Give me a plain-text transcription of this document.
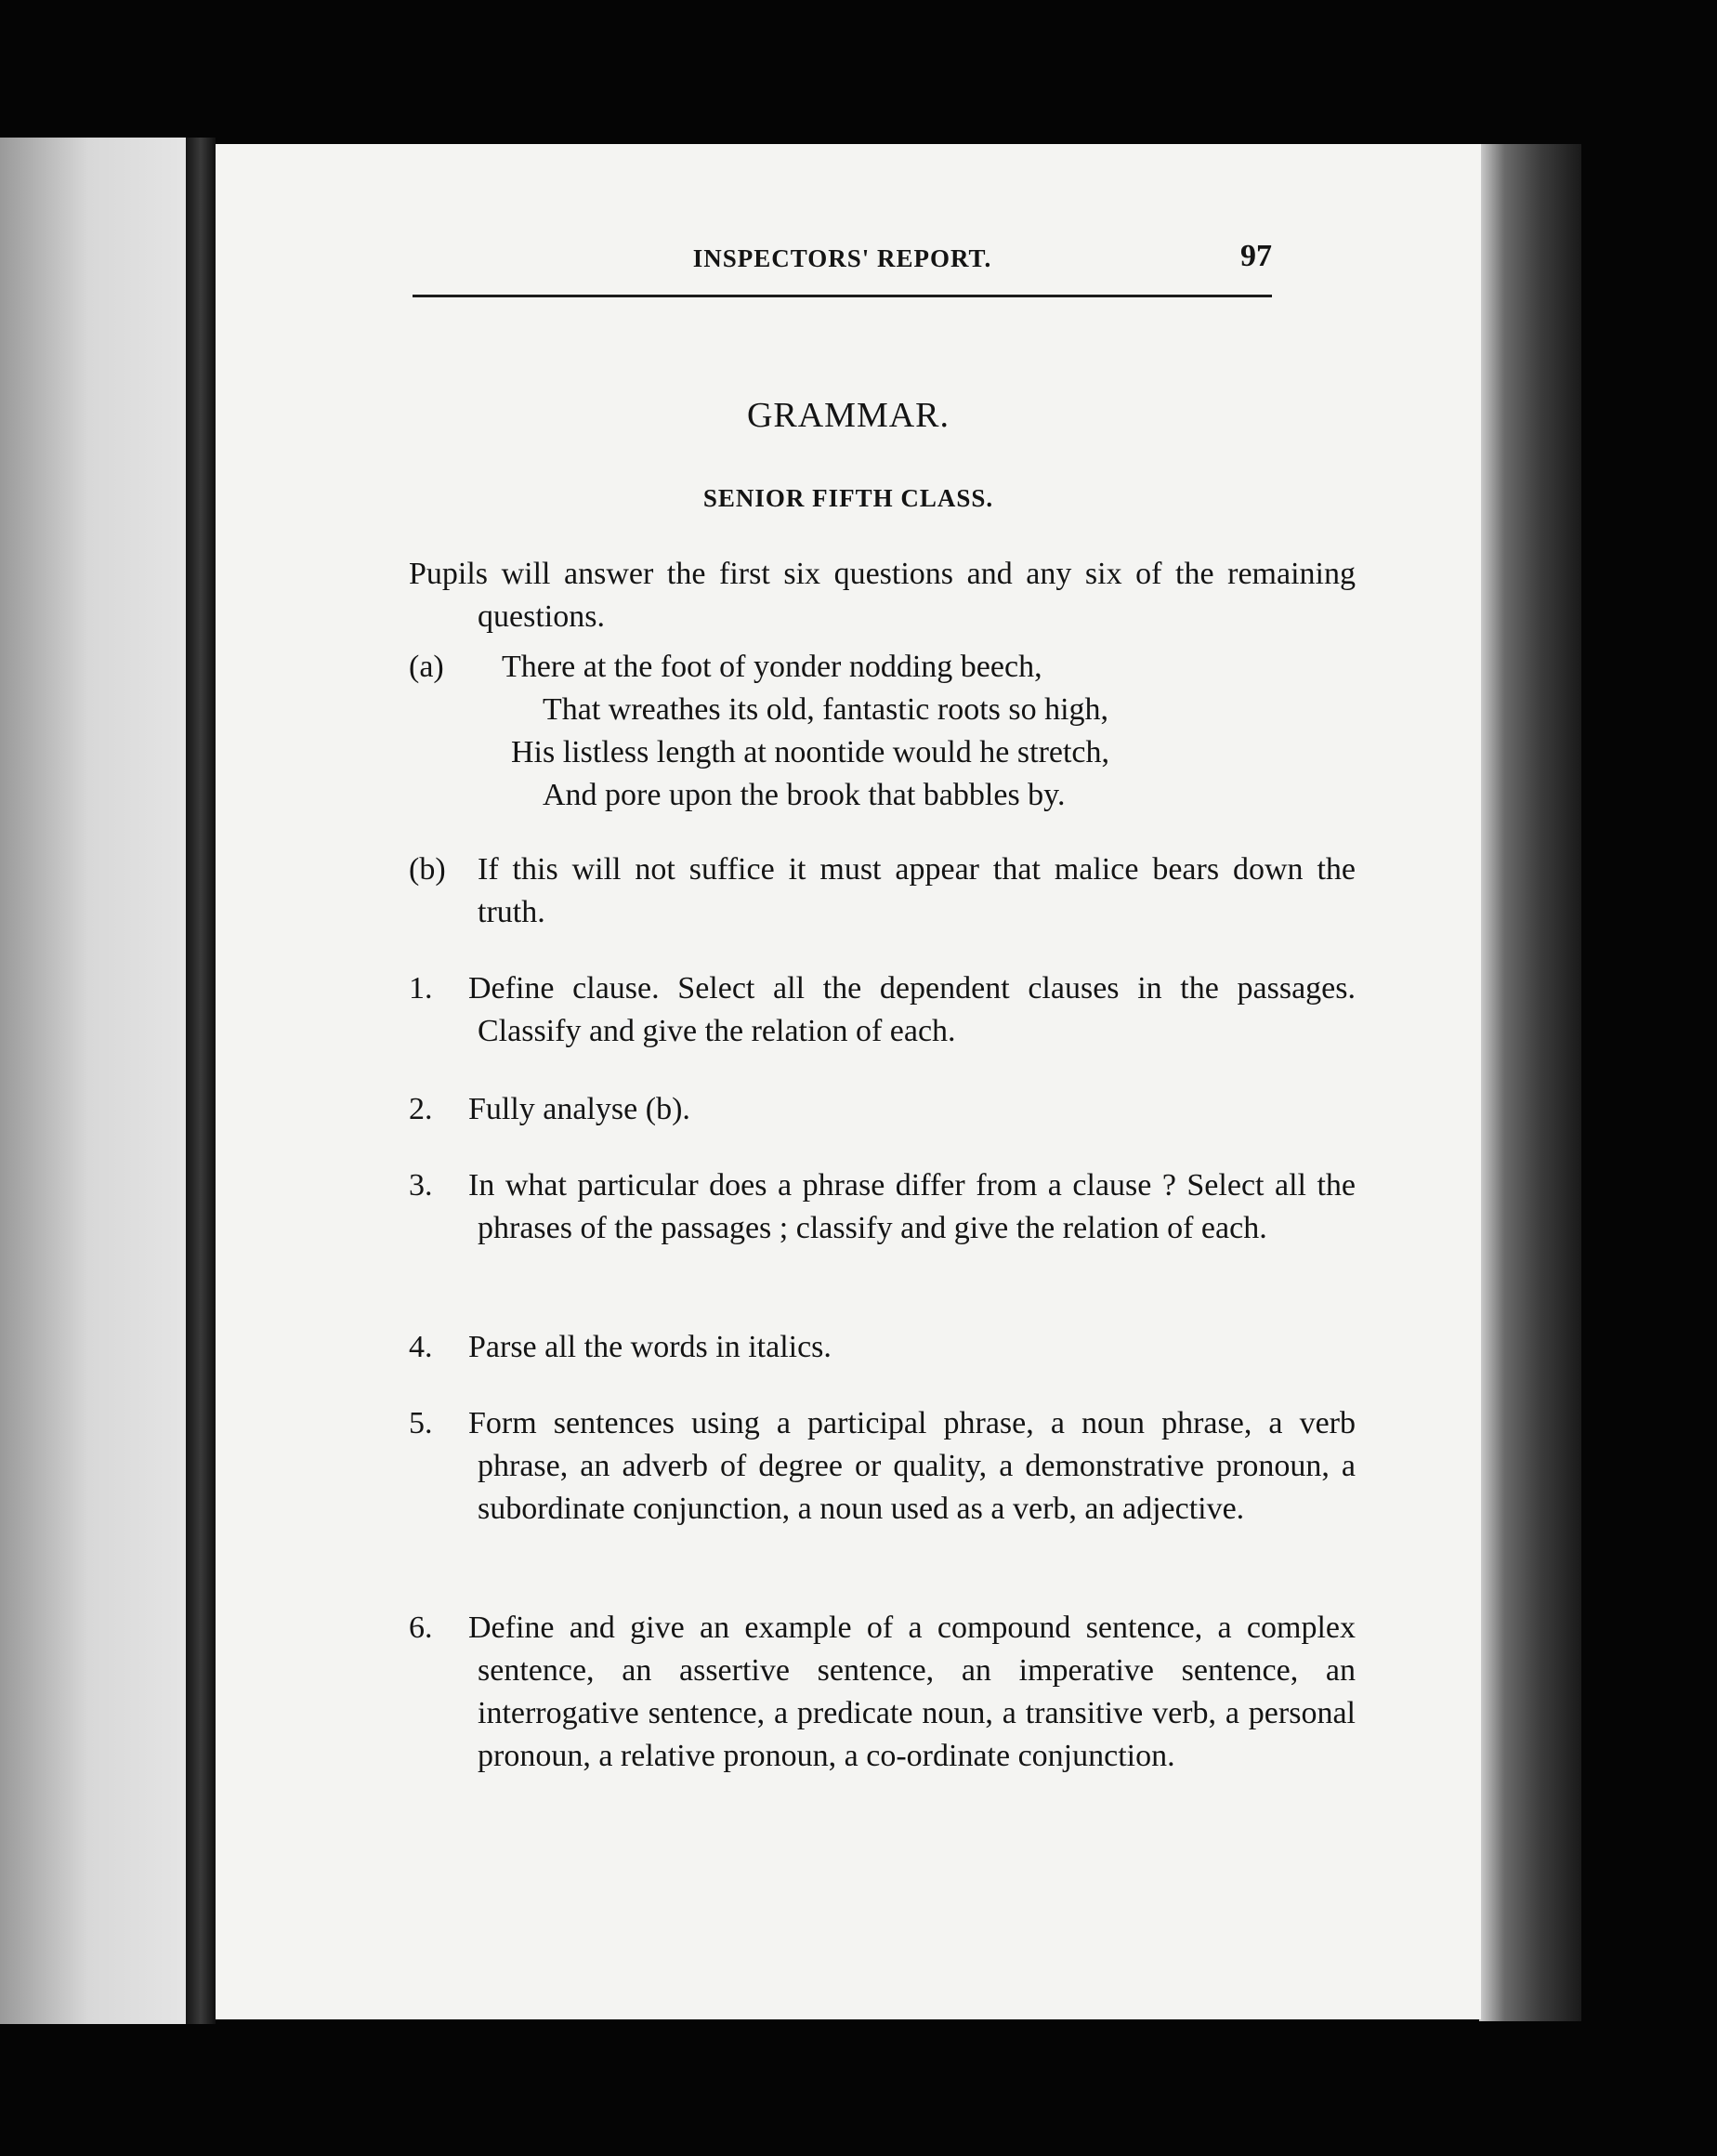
INSPECTORS' REPORT.	97
GRAMMAR.
SENIOR FIFTH CLASS.
Pupils will answer the first six questions and any six of the remaining questions.
(a) There at the foot of yonder nodding beech,
That wreathes its old, fantastic roots so high,
His listless length at noontide would he stretch,
And pore upon the brook that babbles by.
(b) If this will not suffice it must appear that malice bears down the truth.
1. Define clause. Select all the dependent clauses in the passages. Classify and give the relation of each.
2. Fully analyse (b).
3. In what particular does a phrase differ from a clause ? Select all the phrases of the passages ; classify and give the relation of each.
4. Parse all the words in italics.
5. Form sentences using a participal phrase, a noun phrase, a verb phrase, an adverb of degree or quality, a demonstrative pronoun, a subordinate conjunction, a noun used as a verb, an adjective.
6. Define and give an example of a compound sentence, a complex sentence, an assertive sentence, an imperative sentence, an interrogative sentence, a predicate noun, a transitive verb, a personal pronoun, a relative pronoun, a co-ordinate conjunction.
